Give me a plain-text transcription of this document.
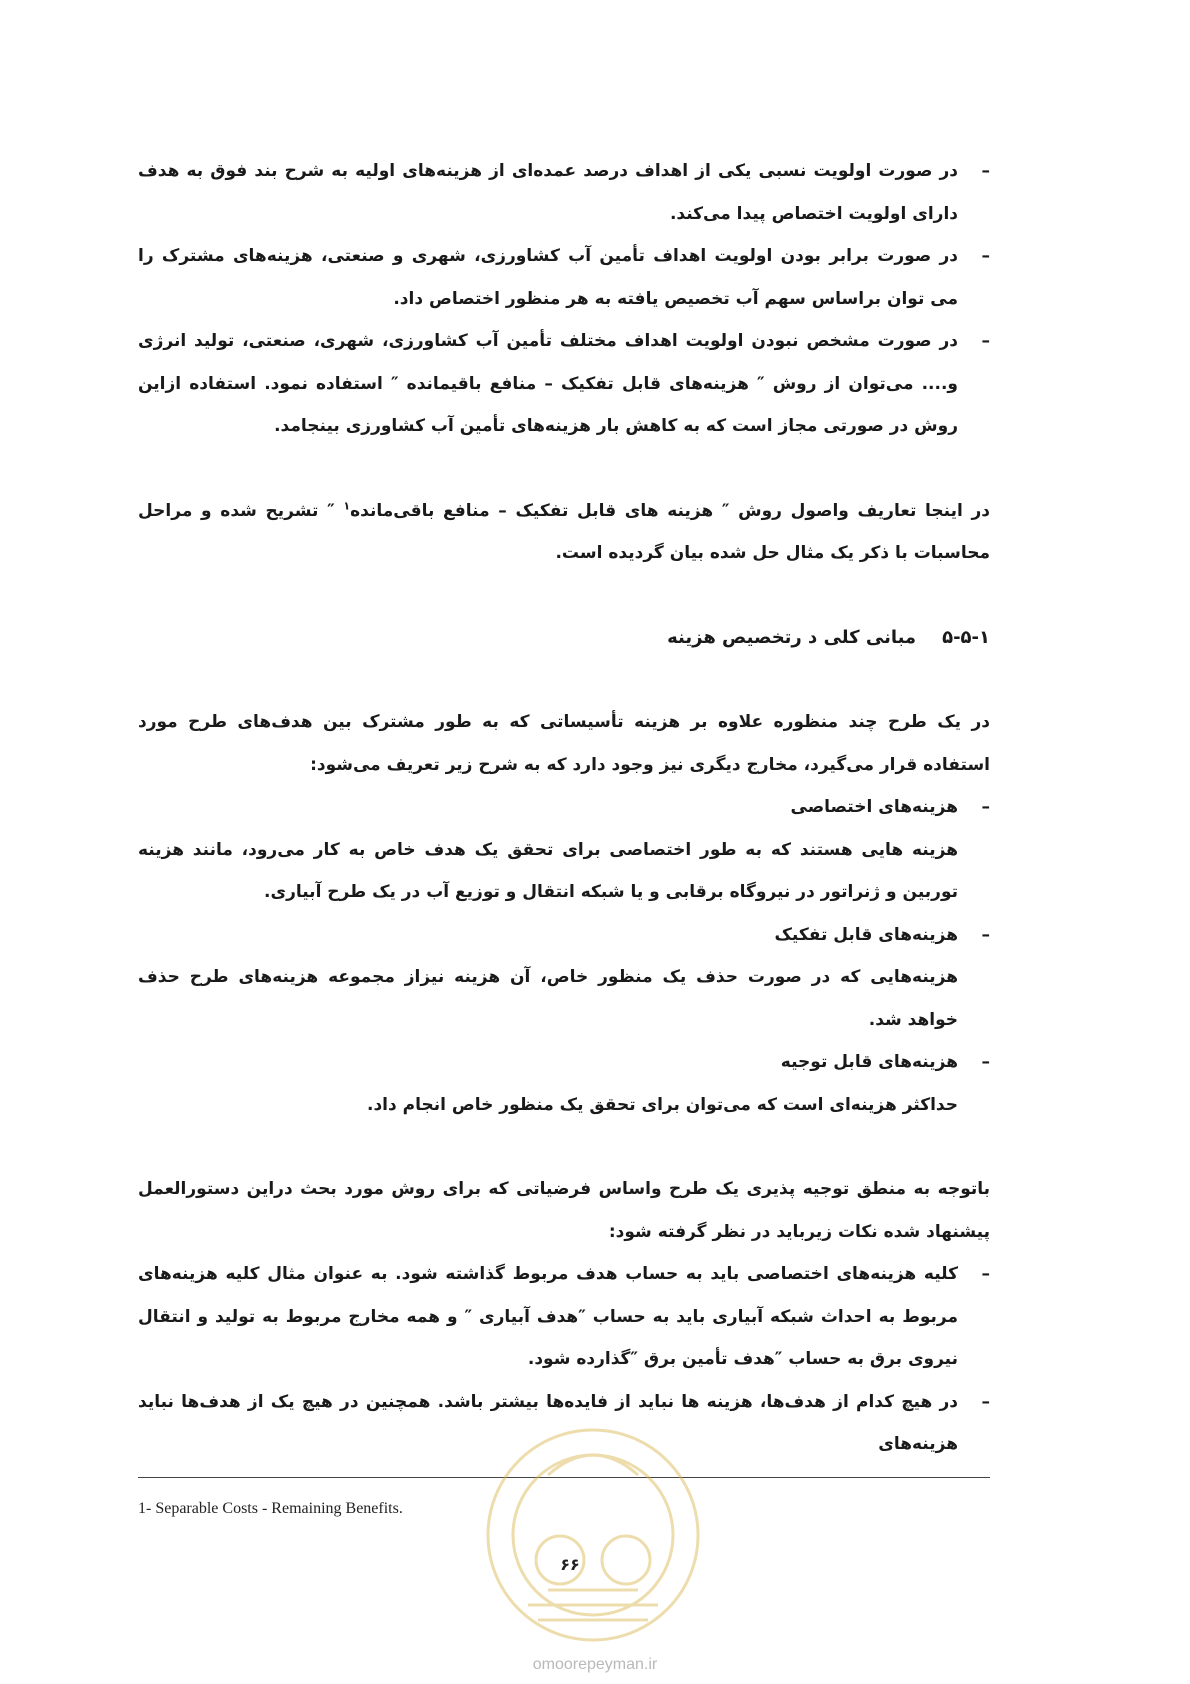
–
در صورت اولویت نسبی یکی از اهداف درصد عمده‌ای از هزینه‌های اولیه به شرح بند فوق به هدف دارای اولویت اختصاص پیدا می‌کند.
–
در صورت برابر بودن اولویت اهداف تأمین آب کشاورزی، شهری و صنعتی، هزینه‌های مشترک را می توان براساس سهم آب تخصیص یافته به هر منظور اختصاص داد.
–
در صورت مشخص نبودن اولویت اهداف مختلف تأمین آب کشاورزی، شهری، صنعتی، تولید انرژی و.... می‌توان از روش ″ هزینه‌های قابل تفکیک – منافع باقیمانده ″ استفاده نمود. استفاده ازاین روش در صورتی مجاز است که به کاهش بار هزینه‌های تأمین آب کشاورزی بینجامد.

در اینجا تعاریف واصول روش ″ هزینه های قابل تفکیک – منافع باقی‌مانده$^١$ ″ تشریح شده و مراحل محاسبات با ذکر یک مثال حل شده بیان گردیده است.

۵-۵-۱مبانی کلی د رتخصیص هزینه

در یک طرح چند منظوره علاوه بر هزینه تأسیساتی که به طور مشترک بین هدف‌های طرح مورد استفاده قرار می‌گیرد، مخارج دیگری نیز وجود دارد که به شرح زیر تعریف می‌شود:

–
هزینه‌های اختصاصی

هزینه هایی هستند که به طور اختصاصی برای تحقق یک هدف خاص به کار می‌رود، مانند هزینه توربین و ژنراتور در نیروگاه برقابی و یا شبکه انتقال و توزیع آب در یک طرح آبیاری.

–
هزینه‌های قابل تفکیک

هزینه‌هایی که در صورت حذف یک منظور خاص، آن هزینه نیزاز مجموعه هزینه‌های طرح حذف خواهد شد.

–
هزینه‌های قابل توجیه

حداکثر هزینه‌ای است که می‌توان برای تحقق یک منظور خاص انجام داد.

باتوجه به منطق توجیه پذیری یک طرح واساس فرضیاتی که برای روش مورد بحث دراین دستورالعمل پیشنهاد شده نکات زیرباید در نظر گرفته شود:

–
کلیه هزینه‌های اختصاصی باید به حساب هدف مربوط گذاشته شود. به عنوان مثال کلیه هزینه‌های مربوط به احداث شبکه آبیاری باید به حساب ″هدف آبیاری ″ و همه مخارج مربوط به تولید و انتقال نیروی برق به حساب ″هدف تأمین برق ″گذارده شود.
–
در هیچ کدام از هدف‌ها، هزینه ها نباید از فایده‌ها بیشتر باشد. همچنین در هیچ یک از هدف‌ها نباید هزینه‌های
1- Separable Costs - Remaining Benefits.
۶۶
omoorepeyman.ir
